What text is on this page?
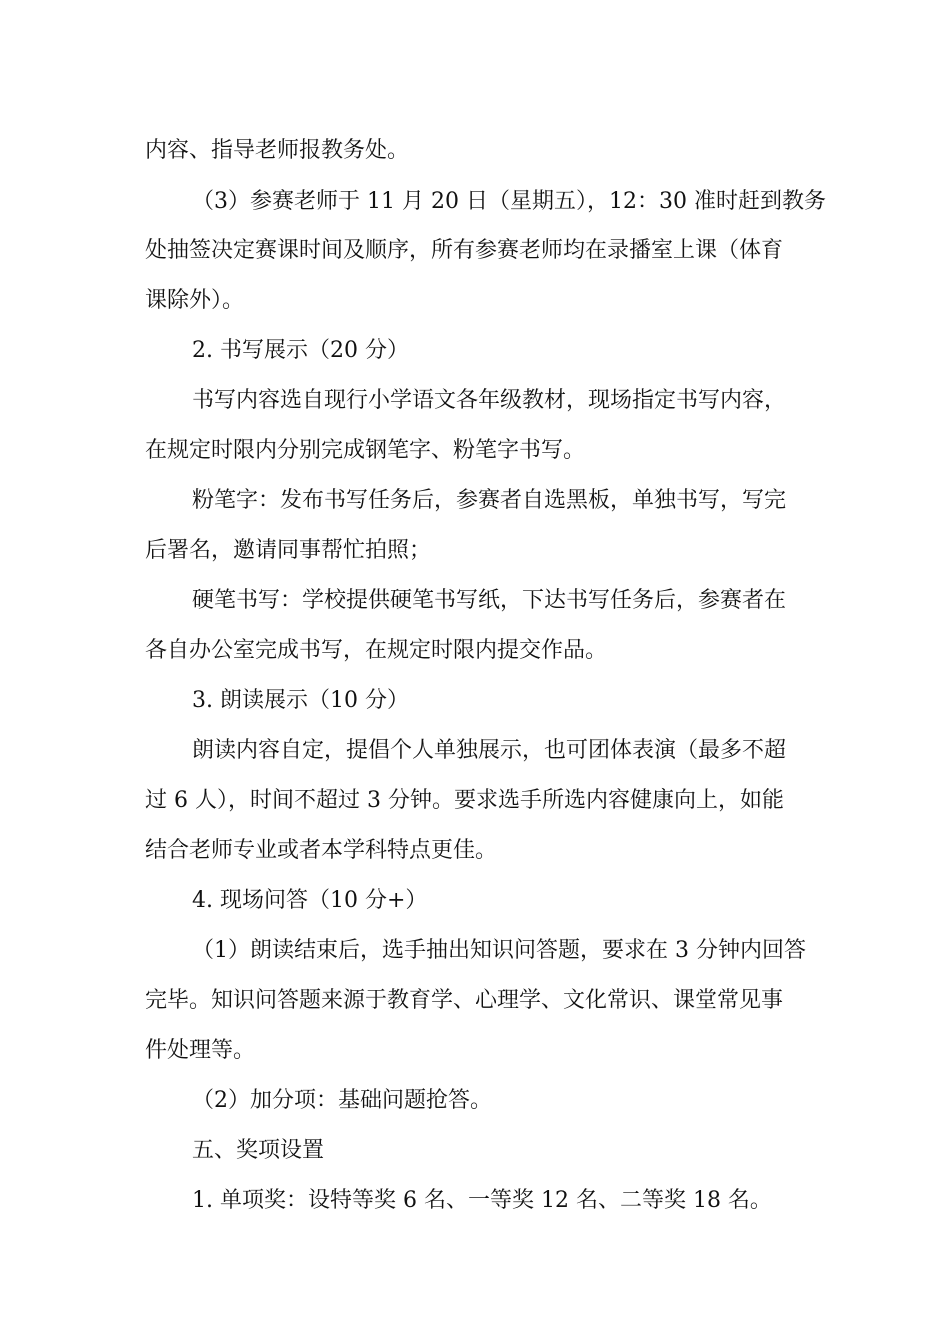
内容、指导老师报教务处。
（3）参赛老师于 11 月 20 日（星期五），12：30 准时赶到教务
处抽签决定赛课时间及顺序，所有参赛老师均在录播室上课（体育
课除外）。
2. 书写展示（20 分）
书写内容选自现行小学语文各年级教材，现场指定书写内容，
在规定时限内分别完成钢笔字、粉笔字书写。
粉笔字：发布书写任务后，参赛者自选黑板，单独书写，写完
后署名，邀请同事帮忙拍照；
硬笔书写：学校提供硬笔书写纸，下达书写任务后，参赛者在
各自办公室完成书写，在规定时限内提交作品。
3. 朗读展示（10 分）
朗读内容自定，提倡个人单独展示，也可团体表演（最多不超
过 6 人），时间不超过 3 分钟。要求选手所选内容健康向上，如能
结合老师专业或者本学科特点更佳。
4. 现场问答（10 分+）
（1）朗读结束后，选手抽出知识问答题，要求在 3 分钟内回答
完毕。知识问答题来源于教育学、心理学、文化常识、课堂常见事
件处理等。
（2）加分项：基础问题抢答。
五、奖项设置
1. 单项奖：设特等奖 6 名、一等奖 12 名、二等奖 18 名。
